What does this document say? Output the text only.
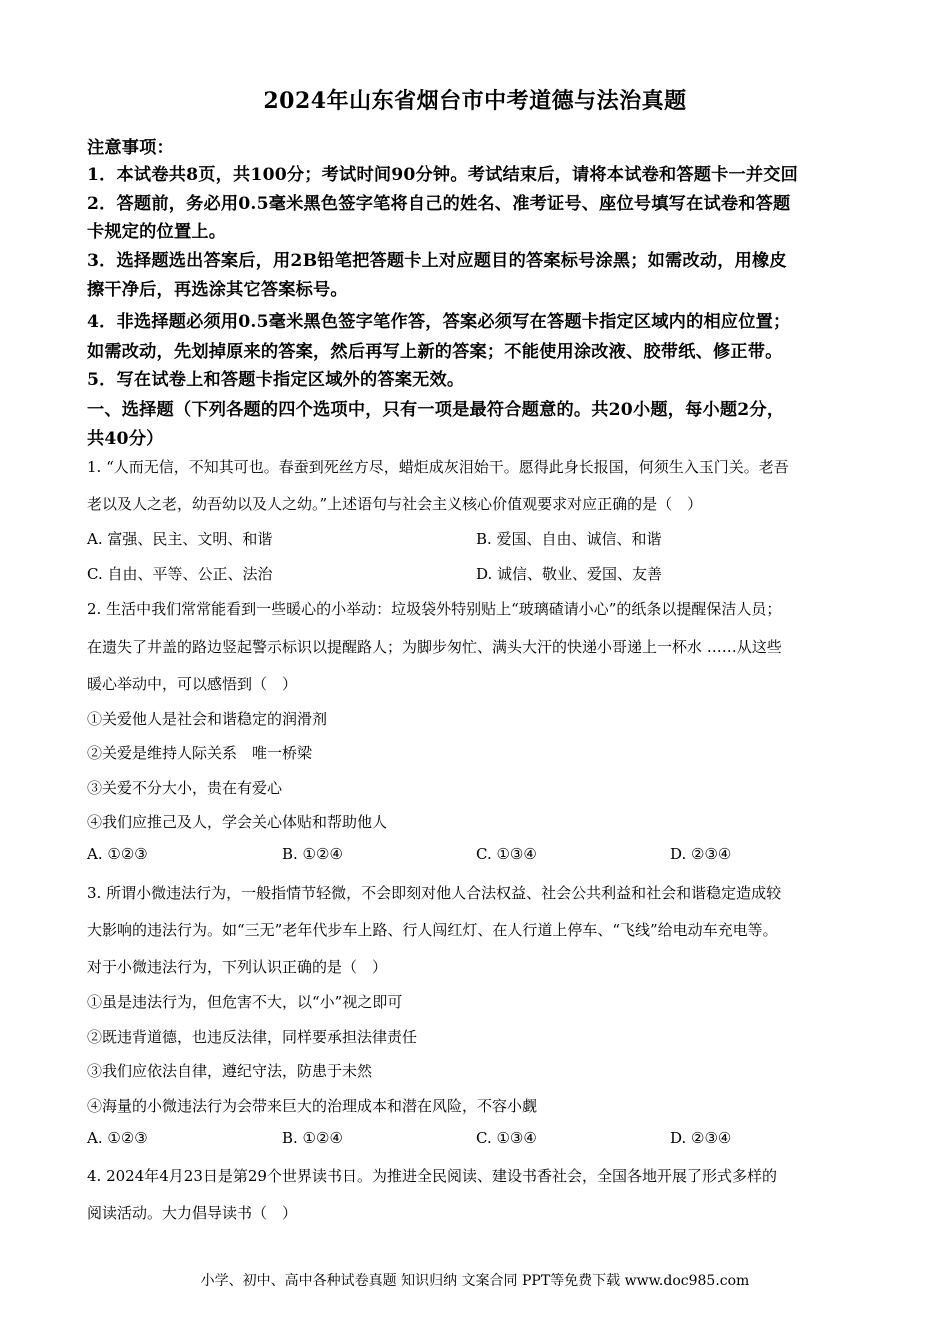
2024年山东省烟台市中考道德与法治真题
注意事项：
1．本试卷共8页，共100分；考试时间90分钟。考试结束后，请将本试卷和答题卡一并交回
2．答题前，务必用0.5毫米黑色签字笔将自己的姓名、准考证号、座位号填写在试卷和答题
卡规定的位置上。
3．选择题选出答案后，用2B铅笔把答题卡上对应题目的答案标号涂黑；如需改动，用橡皮
擦干净后，再选涂其它答案标号。
4．非选择题必须用0.5毫米黑色签字笔作答，答案必须写在答题卡指定区域内的相应位置；
如需改动，先划掉原来的答案，然后再写上新的答案；不能使用涂改液、胶带纸、修正带。
5．写在试卷上和答题卡指定区域外的答案无效。
一、选择题（下列各题的四个选项中，只有一项是最符合题意的。共20小题，每小题2分，
共40分）
1. “人而无信，不知其可也。春蚕到死丝方尽，蜡炬成灰泪始干。愿得此身长报国，何须生入玉门关。老吾
老以及人之老，幼吾幼以及人之幼。”上述语句与社会主义核心价值观要求对应正确的是（　）
A. 富强、民主、文明、和谐	B. 爱国、自由、诚信、和谐
C. 自由、平等、公正、法治	D. 诚信、敬业、爱国、友善
2. 生活中我们常常能看到一些暖心的小举动：垃圾袋外特别贴上“玻璃碴请小心”的纸条以提醒保洁人员；
在遗失了井盖的路边竖起警示标识以提醒路人；为脚步匆忙、满头大汗的快递小哥递上一杯水 ……从这些
暖心举动中，可以感悟到（　）
①关爱他人是社会和谐稳定的润滑剂
②关爱是维持人际关系　唯一桥梁
③关爱不分大小，贵在有爱心
④我们应推己及人，学会关心体贴和帮助他人
A. ①②③	B. ①②④	C. ①③④	D. ②③④
3. 所谓小微违法行为，一般指情节轻微，不会即刻对他人合法权益、社会公共利益和社会和谐稳定造成较
大影响的违法行为。如“三无”老年代步车上路、行人闯红灯、在人行道上停车、“飞线”给电动车充电等。
对于小微违法行为，下列认识正确的是（　）
①虽是违法行为，但危害不大，以“小”视之即可
②既违背道德，也违反法律，同样要承担法律责任
③我们应依法自律，遵纪守法，防患于未然
④海量的小微违法行为会带来巨大的治理成本和潜在风险，不容小觑
A. ①②③	B. ①②④	C. ①③④	D. ②③④
4. 2024年4月23日是第29个世界读书日。为推进全民阅读、建设书香社会，全国各地开展了形式多样的
阅读活动。大力倡导读书（　）
小学、初中、高中各种试卷真题 知识归纳 文案合同 PPT等免费下载 www.doc985.com
